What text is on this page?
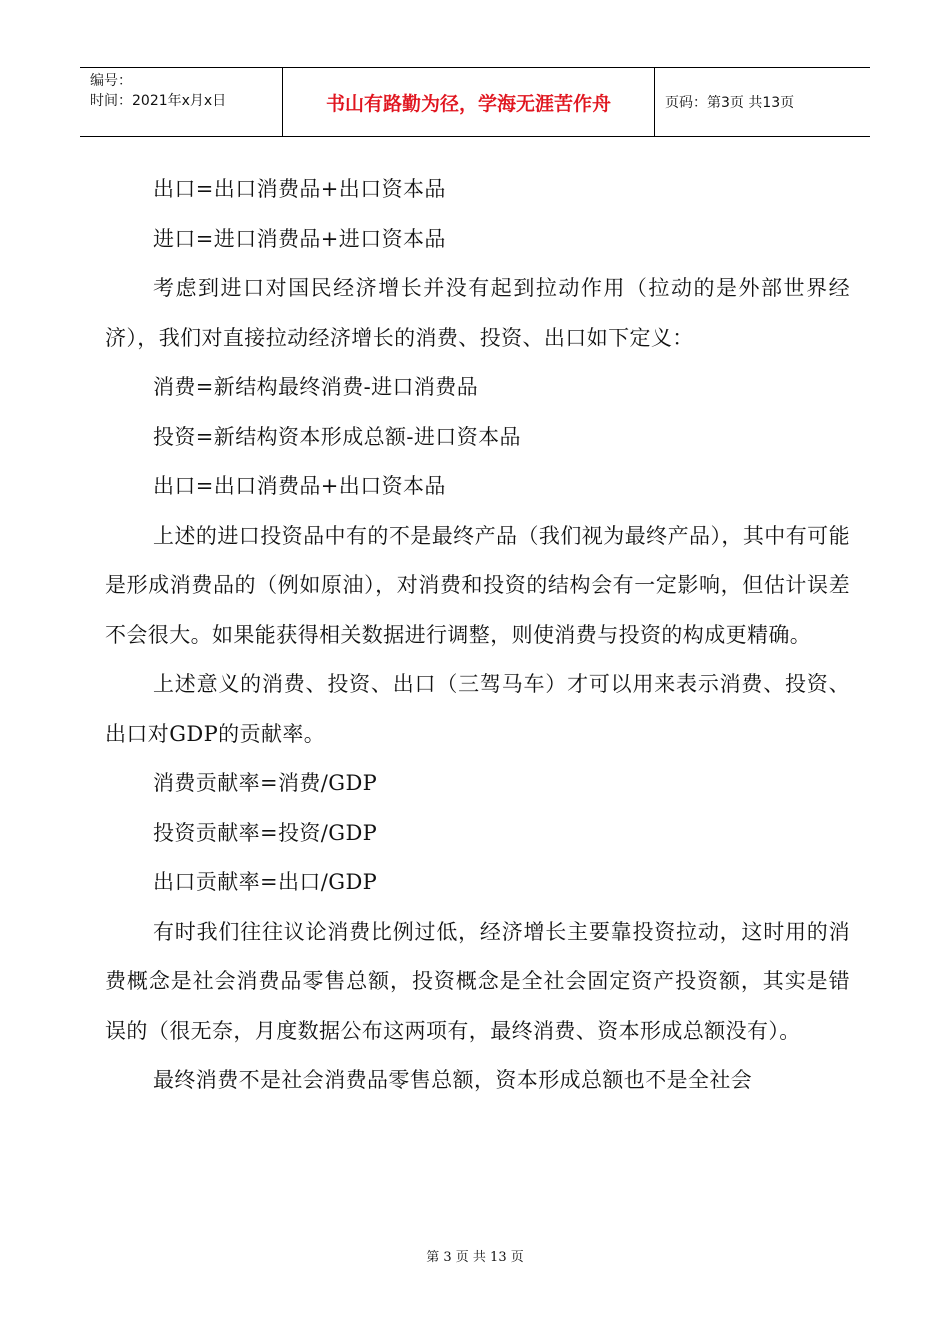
编号：
时间：2021年x月x日	书山有路勤为径，学海无涯苦作舟	页码：第3页 共13页

出口=出口消费品+出口资本品

进口=进口消费品+进口资本品

考虑到进口对国民经济增长并没有起到拉动作用（拉动的是外部世界经济），我们对直接拉动经济增长的消费、投资、出口如下定义：

消费=新结构最终消费-进口消费品

投资=新结构资本形成总额-进口资本品

出口=出口消费品+出口资本品

上述的进口投资品中有的不是最终产品（我们视为最终产品），其中有可能是形成消费品的（例如原油），对消费和投资的结构会有一定影响，但估计误差不会很大。如果能获得相关数据进行调整，则使消费与投资的构成更精确。

上述意义的消费、投资、出口（三驾马车）才可以用来表示消费、投资、出口对GDP的贡献率。

消费贡献率=消费/GDP

投资贡献率=投资/GDP

出口贡献率=出口/GDP

有时我们往往议论消费比例过低，经济增长主要靠投资拉动，这时用的消费概念是社会消费品零售总额，投资概念是全社会固定资产投资额，其实是错误的（很无奈，月度数据公布这两项有，最终消费、资本形成总额没有）。

最终消费不是社会消费品零售总额，资本形成总额也不是全社会

第 3 页 共 13 页
